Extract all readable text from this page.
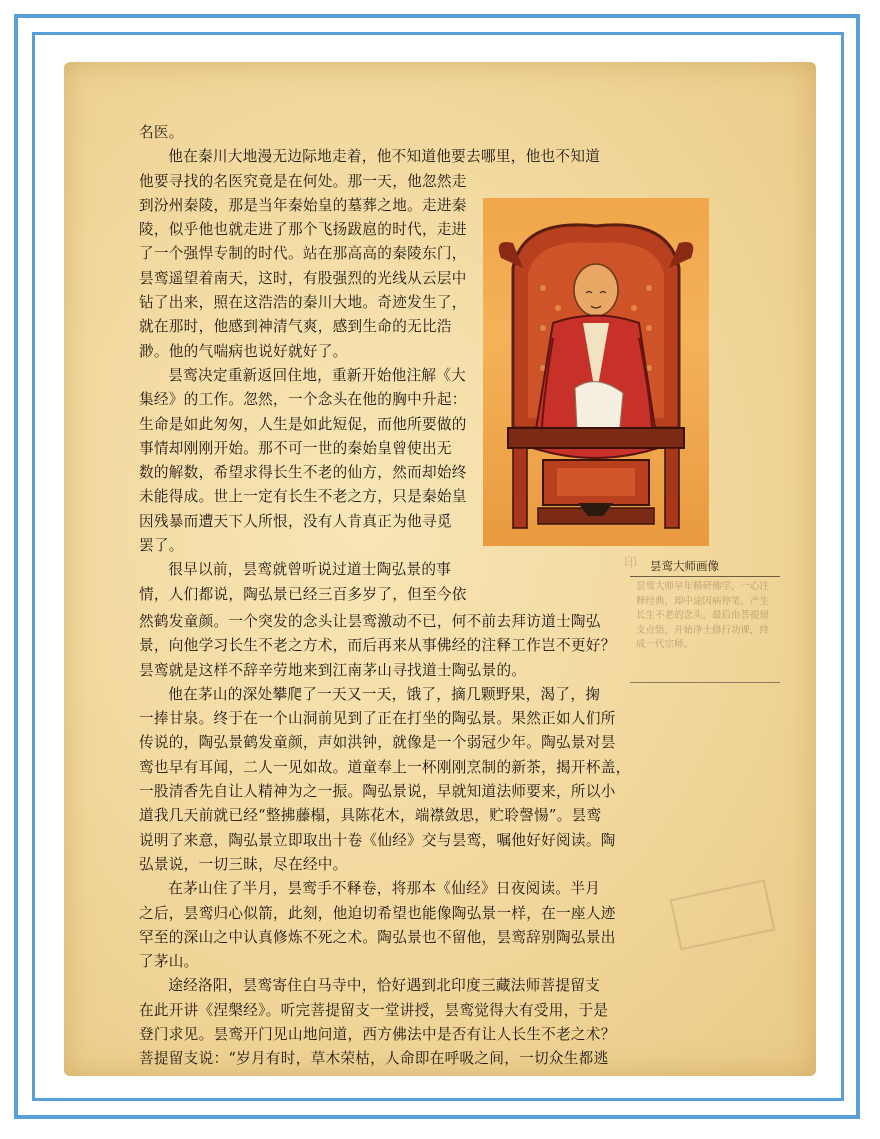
名医。

他在秦川大地漫无边际地走着，他不知道他要去哪里，他也不知道

他要寻找的名医究竟是在何处。那一天，他忽然走

到汾州秦陵，那是当年秦始皇的墓葬之地。走进秦

陵，似乎他也就走进了那个飞扬跋扈的时代，走进

了一个强悍专制的时代。站在那高高的秦陵东门，

昙鸾遥望着南天，这时，有股强烈的光线从云层中

钻了出来，照在这浩浩的秦川大地。奇迹发生了，

就在那时，他感到神清气爽，感到生命的无比浩

渺。他的气喘病也说好就好了。

昙鸾决定重新返回住地，重新开始他注解《大

集经》的工作。忽然，一个念头在他的胸中升起：

生命是如此匆匆，人生是如此短促，而他所要做的

事情却刚刚开始。那不可一世的秦始皇曾使出无

数的解数，希望求得长生不老的仙方，然而却始终

未能得成。世上一定有长生不老之方，只是秦始皇

因残暴而遭天下人所恨，没有人肯真正为他寻觅

罢了。

很早以前，昙鸾就曾听说过道士陶弘景的事

情，人们都说，陶弘景已经三百多岁了，但至今依

然鹤发童颜。一个突发的念头让昙鸾激动不已，何不前去拜访道士陶弘

景，向他学习长生不老之方术，而后再来从事佛经的注释工作岂不更好？

昙鸾就是这样不辞辛劳地来到江南茅山寻找道士陶弘景的。

他在茅山的深处攀爬了一天又一天，饿了，摘几颗野果，渴了，掬

一捧甘泉。终于在一个山洞前见到了正在打坐的陶弘景。果然正如人们所

传说的，陶弘景鹤发童颜，声如洪钟，就像是一个弱冠少年。陶弘景对昙

鸾也早有耳闻，二人一见如故。道童奉上一杯刚刚烹制的新茶，揭开杯盖，

一股清香先自让人精神为之一振。陶弘景说，早就知道法师要来，所以小

道我几天前就已经“整拂藤榻，具陈花木，端襟敛思，贮聆謦愓”。昙鸾

说明了来意，陶弘景立即取出十卷《仙经》交与昙鸾，嘱他好好阅读。陶

弘景说，一切三昧，尽在经中。

在茅山住了半月，昙鸾手不释卷，将那本《仙经》日夜阅读。半月

之后，昙鸾归心似箭，此刻，他迫切希望也能像陶弘景一样，在一座人迹

罕至的深山之中认真修炼不死之术。陶弘景也不留他，昙鸾辞别陶弘景出

了茅山。

途经洛阳，昙鸾寄住白马寺中，恰好遇到北印度三藏法师菩提留支

在此开讲《涅槃经》。听完菩提留支一堂讲授，昙鸾觉得大有受用，于是

登门求见。昙鸾开门见山地问道，西方佛法中是否有让人长生不老之术？

菩提留支说：“岁月有时，草木荣枯，人命即在呼吸之间，一切众生都逃

印 昙鸾大师画像
昙鸾大师早年精研佛学，一心注释经典，却中途因病停笔，产生长生不老的念头，最后由菩提留支点悟，开始净土修行功课，终成一代宗师。
